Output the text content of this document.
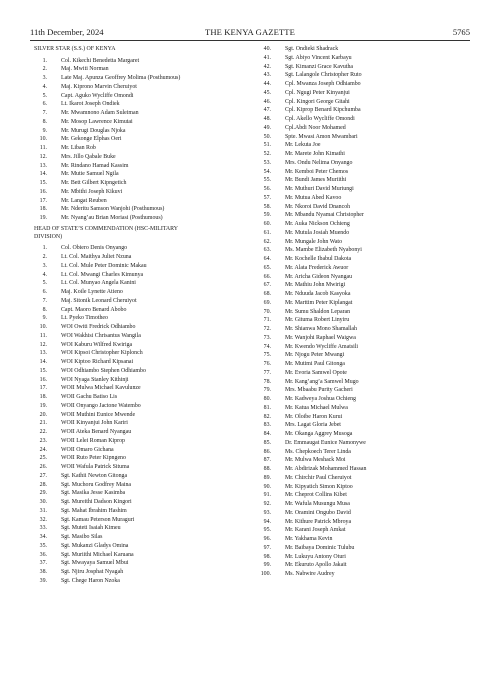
11th December, 2024	THE KENYA GAZETTE	5765

SILVER STAR (S.S.) OF KENYA

1. Col. Kikechi Benedetta Margaret
2. Maj. Mwiti Norman
3. Late Maj. Apunza Geoffrey Molima (Posthumous)
4. Maj. Kiprono Marvin Cheruiyot
5. Capt. Aguko Wycliffe Omondi
6. Lt. Ikarot Joseph Ondiek
7. Mr. Mwamnono Adam Suleiman
8. Mr. Mosop Lawrence Kimutai
9. Mr. Murugi Douglas Njoka
10. Mr. Gekonge Elphas Oeri
11. Mr. Liban Rob
12. Mrs. Jillo Qabale Buke
13. Mr. Rindano Hamad Kassim
14. Mr. Mutie Samuel Ngila
15. Mr. Bett Gilbert Kipngetich
16. Mr. Mbithi Joseph Kikuvi
17. Mr. Langat Reuben
18. Mr. Nderitu Samson Wanjohi (Posthumous)
19. Mr. Nyang’au Brian Moriasi (Posthumous)

HEAD OF STATE’S COMMENDATION (HSC-MILITARY
DIVISION)

1. Col. Obiero Denis Onyango
2. Lt. Col. Maithya Juliet Nzuna
3. Lt. Col. Mule Peter Dominic Makau
4. Lt. Col. Mwangi Charles Kimunya
5. Lt. Col. Munyao Angela Kanini
6. Maj. Koile Lynette Atieno
7. Maj. Sitonik Leonard Cheruiyot
8. Capt. Maoro Benard Abobo
9. Lt. Pyeko Timotheo
10. WOI Owiti Fredrick Odhiambo
11. WOI Wakhisi Chrisantus Wangila
12. WOI Kaburu Wilfred Kwiriga
13. WOI Kipsoi Christopher Kiplonch
14. WOI Kiptoo Richard Kipsanai
15. WOI Odhiambo Stephen Odhiambo
16. WOI Nyaga Stanley Kithinji
17. WOII Mulwa Michael Kavulunze
18. WOII Gachu Batiso Lis
19. WOII Onyango Jactone Watembo
20. WOII Muthini Eunice Mwende
21. WOII Kinyanjui John Kariri
22. WOII Ateka Benard Nyangau
23. WOII Lelei Roman Kiprop
24. WOII Omaro Gichana
25. WOII Ruto Peter Kipngeno
26. WOII Wafula Patrick Situma
27. Sgt. Kathii Newton Gitonga
28. Sgt. Muchoru Godfrey Maina
29. Sgt. Masika Jesse Kasimba
30. Sgt. Mureithi Dadson Kingori
31. Sgt. Mahat Ibrahim Hashim
32. Sgt. Kamau Peterson Muraguri
33. Sgt. Muteti Isaiah Kimeu
34. Sgt. Masibo Silas
35. Sgt. Mukanzi Gladys Omina
36. Sgt. Muriithi Michael Karuana
37. Sgt. Mwayaya Samuel Mbui
38. Sgt. Njiru Josphat Nyagah
39. Sgt. Chege Haron Nzoka
40. Sgt. Ondieki Shadrack
41. Sgt. Abiyo Vincent Karbayu
42. Sgt. Kimanzi Grace Kavutha
43. Sgt. Lalangole Christopher Ruto
44. Cpl. Mwanza Joseph Odhiambo
45. Cpl. Ngugi Peter Kinyanjui
46. Cpl. Kingori George Gitahi
47. Cpl. Kiprop Benard Kipchumba
48. Cpl. Akello Wycliffe Omondi
49. Cpl.Abdi Noor Mohamed
50. Spte. Mwasi Amon Mwambari
51. Mr. Lekuta Joe
52. Mr. Marete John Kimathi
53. Mrs. Ondu Nelima Onyango
54. Mr. Kemboi Peter Chemos
55. Mr. Bundi James Muriithi
56. Mr. Muthuri David Muriungi
57. Mr. Mutua Abed Kavoo
58. Mr. Nkoroi David Dnancoh
59. Mr. Mbandu Nyamai Christopher
60. Mr. Auka Nickson Ochieng
61. Mr. Mutula Josiah Muendo
62. Mr. Mungale John Wato
63. Ms. Mambe Elizabeth Nyabonyi
64. Mr. Kochelle Ibabul Dakota
65. Mr. Alata Frederick Awuor
66. Mr. Aricha Gideon Nyangau
67. Mr. Mathiu John Mwirigi
68. Mr. Nduuda Jacob Kasyoka
69. Mr. Marttim Peter Kiplangat
70. Mr. Sumu Shaldon Leparan
71. Mr. Gituma Robert Linyiru
72. Mr. Shianwa Mono Shamallah
73. Mr. Wanjohi Raphael Waigwa
74. Mr. Kwendo Wycliffe Amatsili
75. Mr. Njogu Peter Mwangi
76. Mr. Mutimi Paul Gitonga
77. Mr. Evoria Samwel Opote
78. Mr. Kang’ang’a Samwel Mugo
79. Mrs. Mbaabu Purity Gacheri
80. Mr. Kadweya Joshua Ochieng
81. Mr. Katua Michael Mulwa
82. Mr. Oloibe Haron Kurui
83. Mrs. Lagat Gloria Jebet
84. Mr. Okanga Aggrey Musoga
85. Dr. Emmaugat Eunice Namonywe
86. Ms. Chepkoech Terer Linda
87. Mr. Mulwa Meshack Moi
88. Mr. Abdirizak Mohammed Hassan
89. Mr. Chirchir Paul Cheruiyot
90. Mr. Kipyatich Simon Kiptoo
91. Mr. Cheprot Collins Kibet
92. Mr. Wafula Musungu Musa
93. Mr. Oramini Ongubo David
94. Mr. Kithure Patrick Mbroya
95. Mr. Karani Joseph Amkat
96. Mr. Yakhama Kevin
97. Mr. Baibaya Dominic Tulubu
98. Mr. Lukuyu Antony Oturi
99. Mr. Ekuruto Apollo Jakait
100. Ms. Nabwire Audrey
